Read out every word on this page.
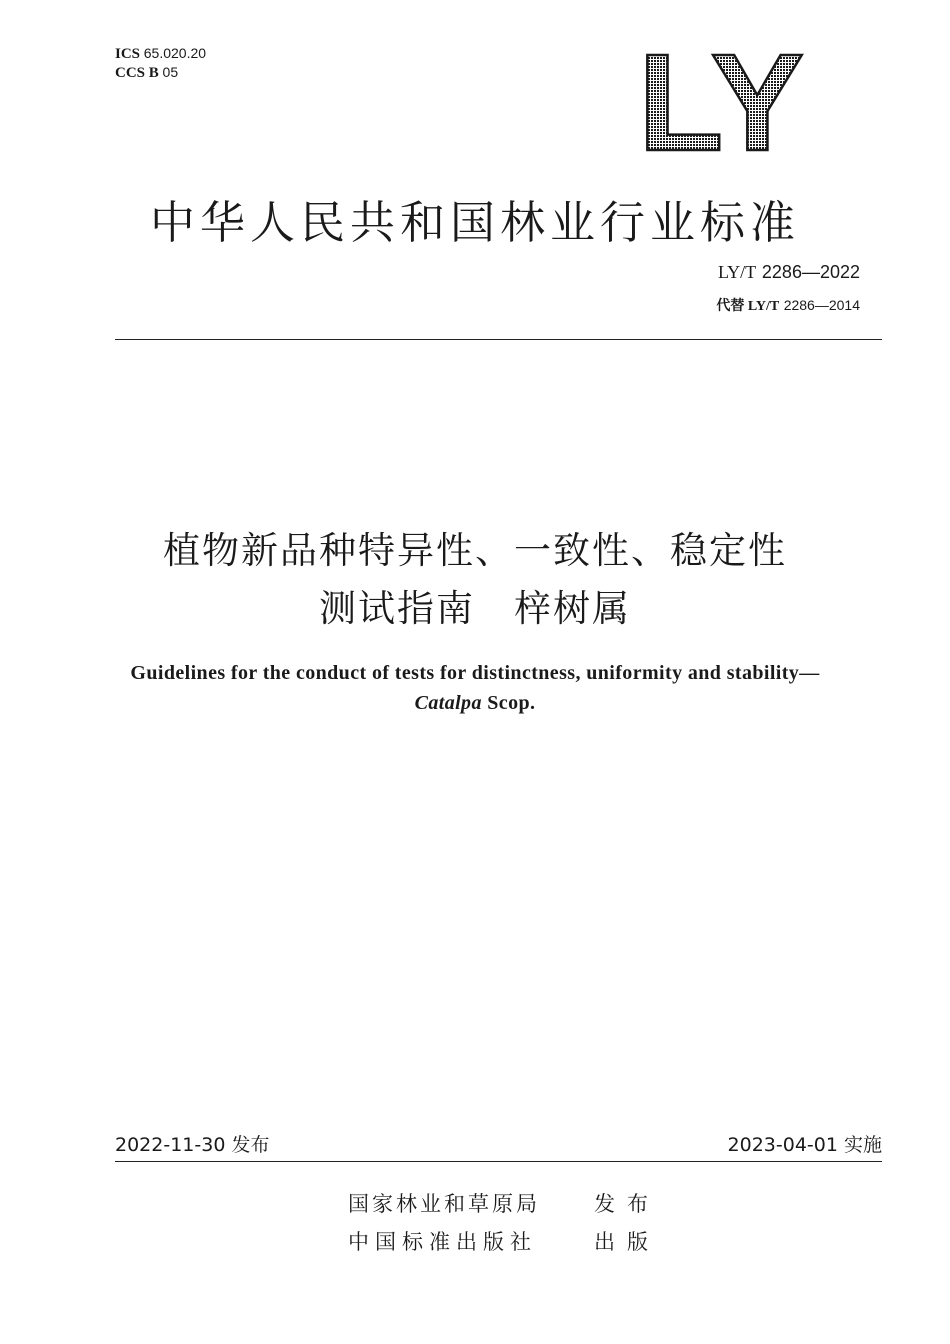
ICS 65.020.20
CCS B 05	LY
中华人民共和国林业行业标准
LY/T 2286—2022
代替 LY/T 2286—2014
植物新品种特异性、一致性、稳定性
测试指南　梓树属
Guidelines for the conduct of tests for distinctness, uniformity and stability—
Catalpa Scop.
2022-11-30 发布	2023-04-01 实施
国家林业和草原局	发布
中国标准出版社	出版
